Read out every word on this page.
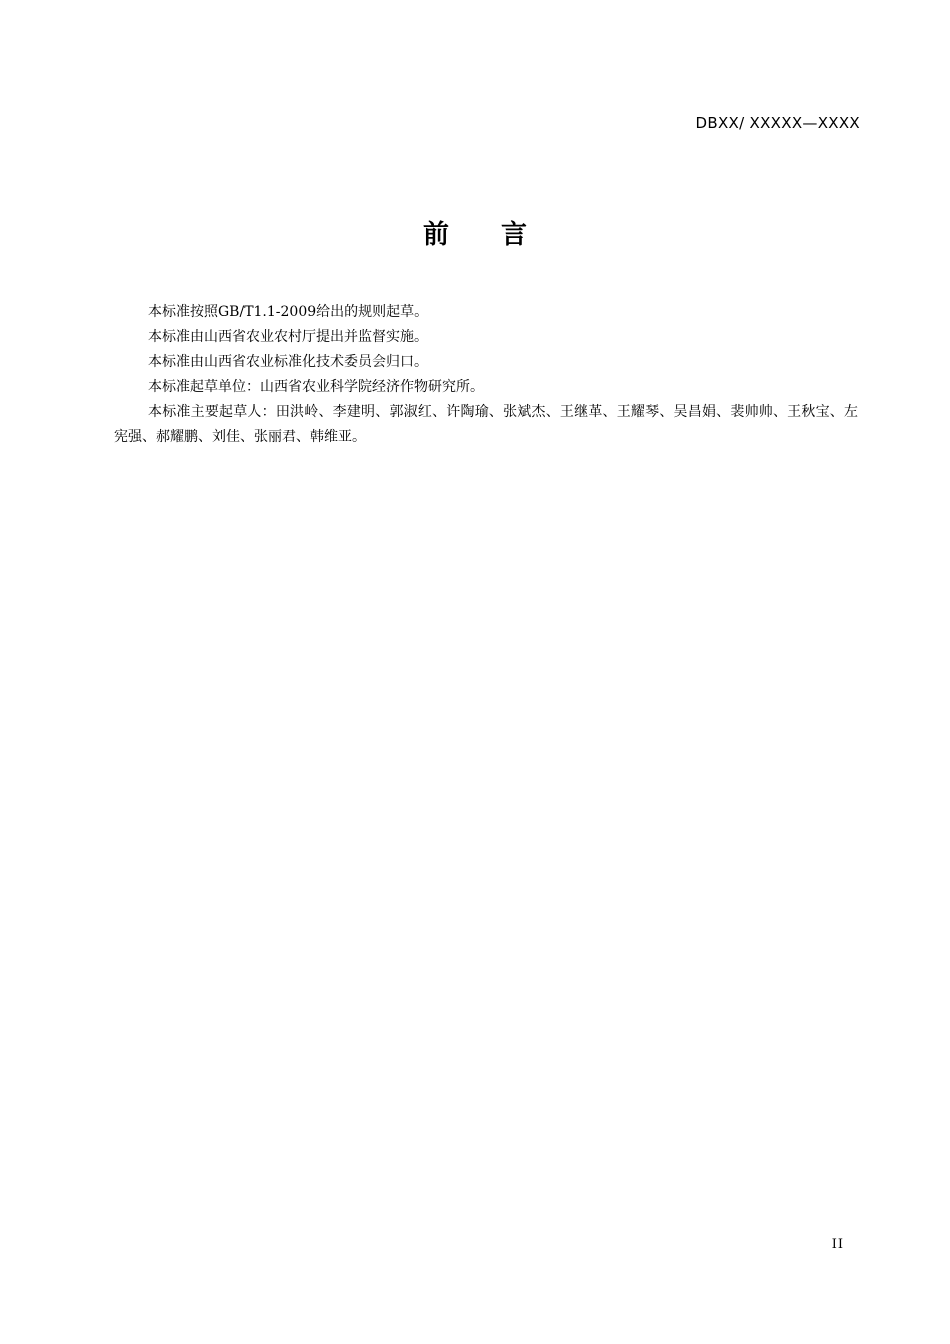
DBXX/ XXXXX—XXXX
前 言

本标准按照GB/T1.1-2009给出的规则起草。

本标准由山西省农业农村厅提出并监督实施。

本标准由山西省农业标准化技术委员会归口。

本标准起草单位：山西省农业科学院经济作物研究所。

本标准主要起草人：田洪岭、李建明、郭淑红、许陶瑜、张斌杰、王继革、王耀琴、吴昌娟、裴帅帅、王秋宝、左宪强、郝耀鹏、刘佳、张丽君、韩维亚。

II
